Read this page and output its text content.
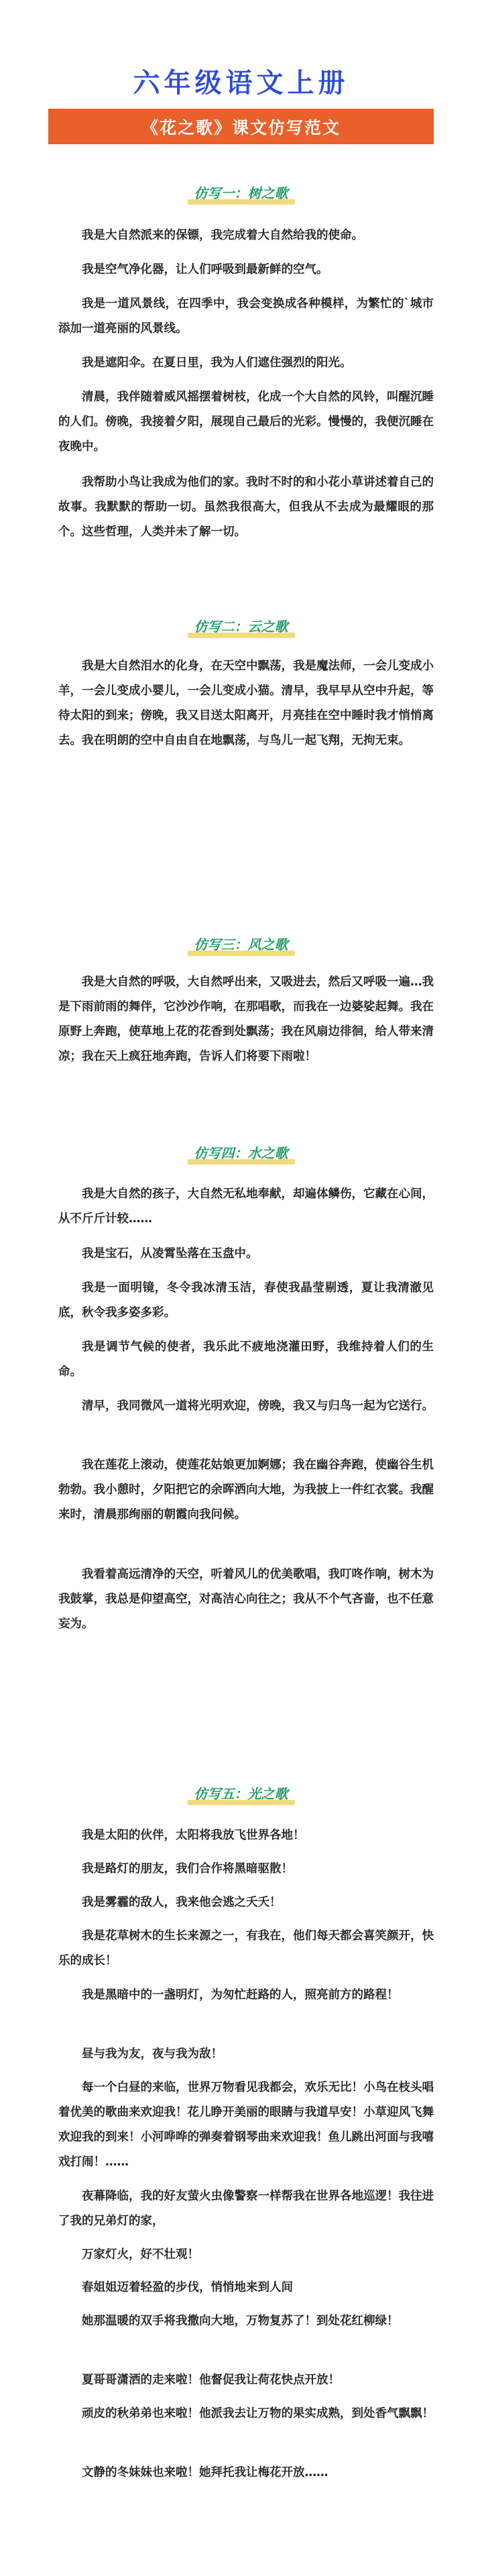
六年级语文上册
《花之歌》课文仿写范文
仿写一：树之歌

我是大自然派来的保镖，我完成着大自然给我的使命。

我是空气净化器，让人们呼吸到最新鲜的空气。

我是一道风景线，在四季中，我会变换成各种模样，为繁忙的`城市添加一道亮丽的风景线。

我是遮阳伞。在夏日里，我为人们遮住强烈的阳光。

清晨，我伴随着威风摇摆着树枝，化成一个大自然的风铃，叫醒沉睡的人们。傍晚，我接着夕阳，展现自己最后的光彩。慢慢的，我便沉睡在夜晚中。

我帮助小鸟让我成为他们的家。我时不时的和小花小草讲述着自己的故事。我默默的帮助一切。虽然我很高大，但我从不去成为最耀眼的那个。这些哲理，人类并未了解一切。

仿写二：云之歌

我是大自然泪水的化身，在天空中飘荡，我是魔法师，一会儿变成小羊，一会儿变成小婴儿，一会儿变成小猫。清早，我早早从空中升起，等待太阳的到来；傍晚，我又目送太阳离开，月亮挂在空中睡时我才悄悄离去。我在明朗的空中自由自在地飘荡，与鸟儿一起飞翔，无拘无束。

仿写三：风之歌

我是大自然的呼吸，大自然呼出来，又吸进去，然后又呼吸一遍…我是下雨前雨的舞伴，它沙沙作响，在那唱歌，而我在一边婆娑起舞。我在原野上奔跑，使草地上花的花香到处飘荡；我在风扇边徘徊，给人带来清凉；我在天上疯狂地奔跑，告诉人们将要下雨啦！

仿写四：水之歌

我是大自然的孩子，大自然无私地奉献，却遍体鳞伤，它藏在心间，从不斤斤计较……

我是宝石，从凌霄坠落在玉盘中。

我是一面明镜，冬令我冰清玉洁，春使我晶莹剔透，夏让我清澈见底，秋令我多姿多彩。

我是调节气候的使者，我乐此不疲地浇灌田野，我维持着人们的生命。

清早，我同微风一道将光明欢迎，傍晚，我又与归鸟一起为它送行。

我在莲花上滚动，使莲花姑娘更加婀娜；我在幽谷奔跑，使幽谷生机勃勃。我小憩时，夕阳把它的余晖洒向大地，为我披上一件红衣裳。我醒来时，清晨那绚丽的朝霞向我问候。

我看着高远清净的天空，听着风儿的优美歌唱，我叮咚作响，树木为我鼓掌，我总是仰望高空，对高洁心向往之；我从不个气吝啬，也不任意妄为。

仿写五：光之歌

我是太阳的伙伴，太阳将我放飞世界各地！

我是路灯的朋友，我们合作将黑暗驱散！

我是雾霾的敌人，我来他会逃之夭夭！

我是花草树木的生长来源之一，有我在，他们每天都会喜笑颜开，快乐的成长！

我是黑暗中的一盏明灯，为匆忙赶路的人，照亮前方的路程！

昼与我为友，夜与我为敌！

每一个白昼的来临，世界万物看见我都会，欢乐无比！小鸟在枝头唱着优美的歌曲来欢迎我！花儿睁开美丽的眼睛与我道早安！小草迎风飞舞欢迎我的到来！小河哗哗的弹奏着钢琴曲来欢迎我！鱼儿跳出河面与我嘻戏打闹！……

夜幕降临，我的好友萤火虫像警察一样帮我在世界各地巡逻！我往进了我的兄弟灯的家，

万家灯火，好不壮观！

春姐姐迈着轻盈的步伐，悄悄地来到人间

她那温暖的双手将我撒向大地，万物复苏了！到处花红柳绿！

夏哥哥潇洒的走来啦！他督促我让荷花快点开放！

顽皮的秋弟弟也来啦！他派我去让万物的果实成熟，到处香气飘飘！

文静的冬妹妹也来啦！她拜托我让梅花开放……
